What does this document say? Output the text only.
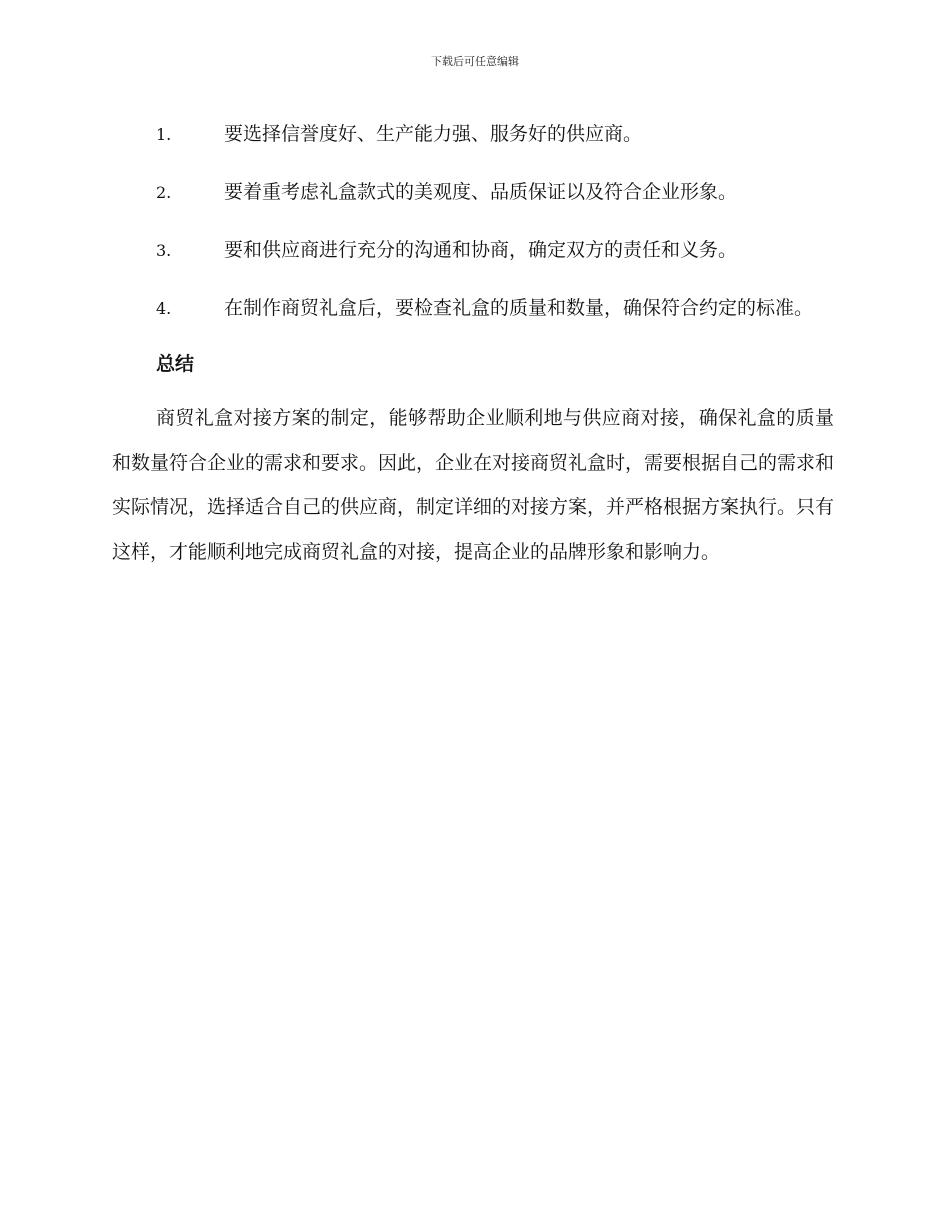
下载后可任意编辑
1.	要选择信誉度好、生产能力强、服务好的供应商。
2.	要着重考虑礼盒款式的美观度、品质保证以及符合企业形象。
3.	要和供应商进行充分的沟通和协商，确定双方的责任和义务。
4.	在制作商贸礼盒后，要检查礼盒的质量和数量，确保符合约定的标准。
总结
商贸礼盒对接方案的制定，能够帮助企业顺利地与供应商对接，确保礼盒的质量和数量符合企业的需求和要求。因此，企业在对接商贸礼盒时，需要根据自己的需求和实际情况，选择适合自己的供应商，制定详细的对接方案，并严格根据方案执行。只有这样，才能顺利地完成商贸礼盒的对接，提高企业的品牌形象和影响力。
